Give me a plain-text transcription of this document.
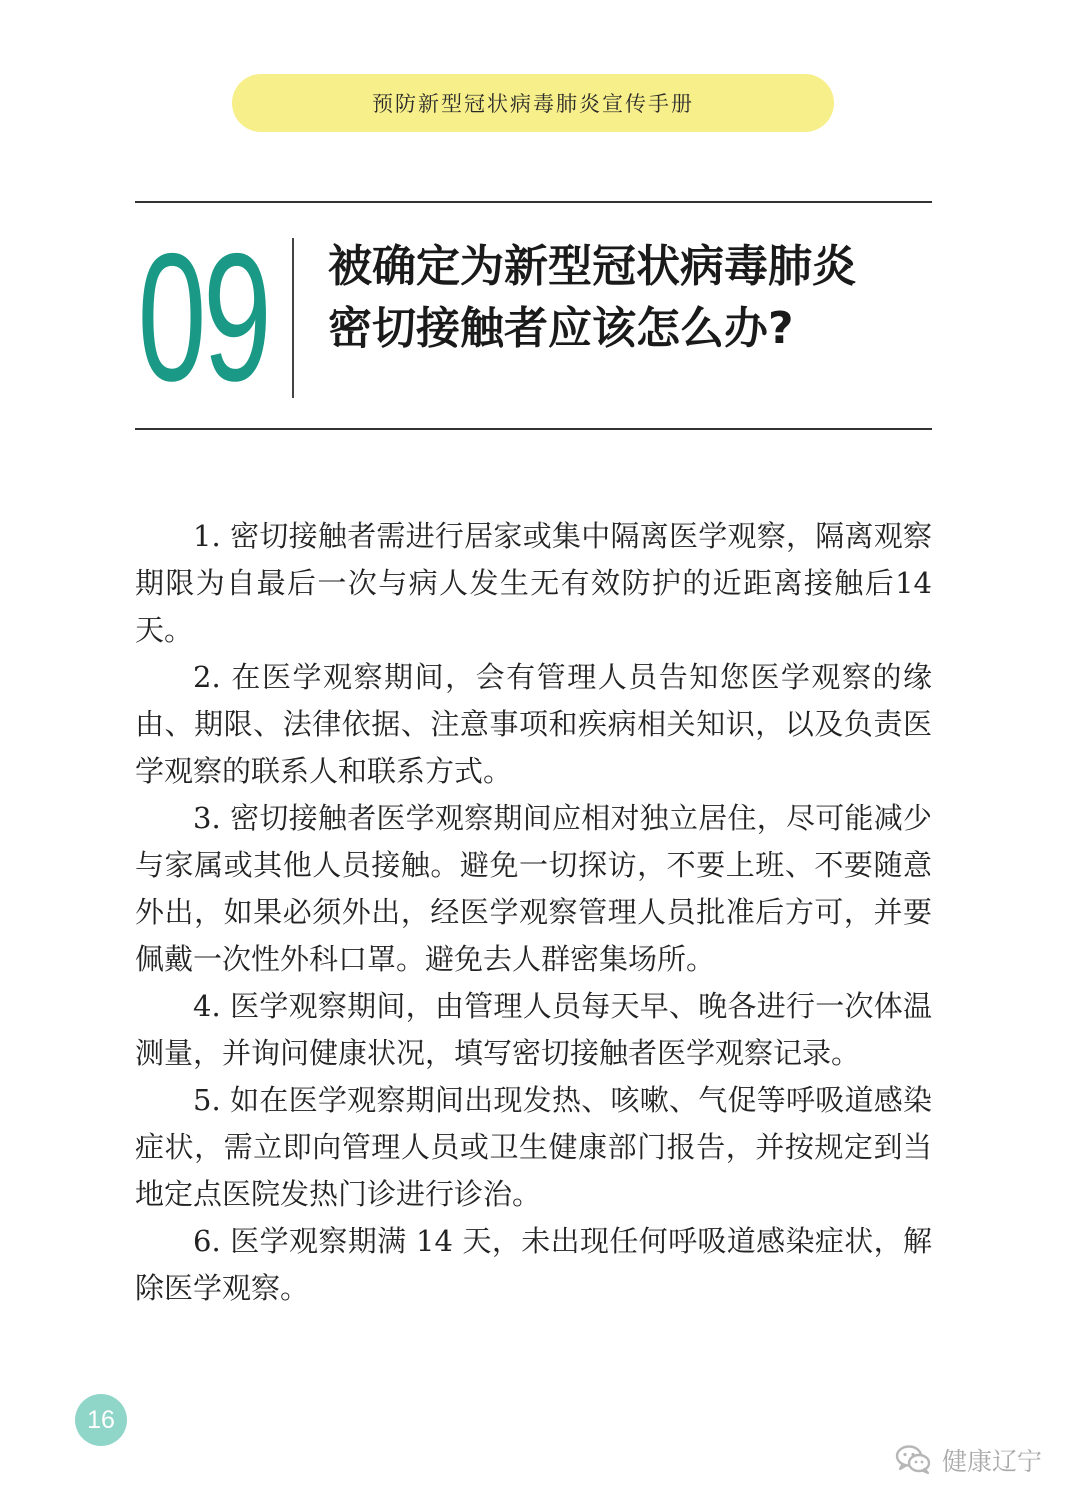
预防新型冠状病毒肺炎宣传手册
09 被确定为新型冠状病毒肺炎
密切接触者应该怎么办?

1. 密切接触者需进行居家或集中隔离医学观察，隔离观察期限为自最后一次与病人发生无有效防护的近距离接触后14 天。

2. 在医学观察期间，会有管理人员告知您医学观察的缘由、期限、法律依据、注意事项和疾病相关知识，以及负责医学观察的联系人和联系方式。

3. 密切接触者医学观察期间应相对独立居住，尽可能减少与家属或其他人员接触。避免一切探访，不要上班、不要随意外出，如果必须外出，经医学观察管理人员批准后方可，并要佩戴一次性外科口罩。避免去人群密集场所。

4. 医学观察期间，由管理人员每天早、晚各进行一次体温测量，并询问健康状况，填写密切接触者医学观察记录。

5. 如在医学观察期间出现发热、咳嗽、气促等呼吸道感染症状，需立即向管理人员或卫生健康部门报告，并按规定到当地定点医院发热门诊进行诊治。

6. 医学观察期满 14 天，未出现任何呼吸道感染症状，解除医学观察。

16
健康辽宁
